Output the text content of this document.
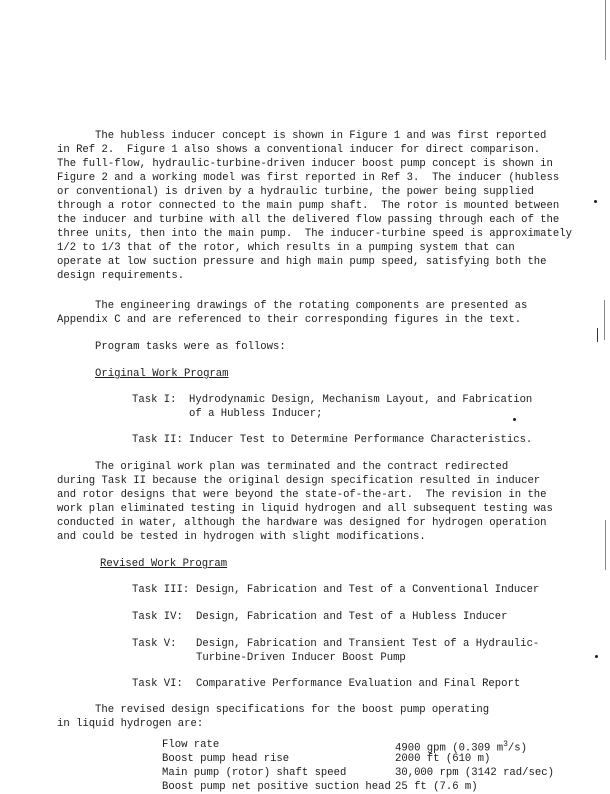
The hubless inducer concept is shown in Figure 1 and was first reported
in Ref 2.  Figure 1 also shows a conventional inducer for direct comparison.
The full-flow, hydraulic-turbine-driven inducer boost pump concept is shown in
Figure 2 and a working model was first reported in Ref 3.  The inducer (hubless
or conventional) is driven by a hydraulic turbine, the power being supplied
through a rotor connected to the main pump shaft.  The rotor is mounted between
the inducer and turbine with all the delivered flow passing through each of the
three units, then into the main pump.  The inducer-turbine speed is approximately
1/2 to 1/3 that of the rotor, which results in a pumping system that can
operate at low suction pressure and high main pump speed, satisfying both the
design requirements.
The engineering drawings of the rotating components are presented as
Appendix C and are referenced to their corresponding figures in the text.
Program tasks were as follows:
Original Work Program
Task I: Hydrodynamic Design, Mechanism Layout, and Fabrication
of a Hubless Inducer;
Task II: Inducer Test to Determine Performance Characteristics.
The original work plan was terminated and the contract redirected
during Task II because the original design specification resulted in inducer
and rotor designs that were beyond the state-of-the-art.  The revision in the
work plan eliminated testing in liquid hydrogen and all subsequent testing was
conducted in water, although the hardware was designed for hydrogen operation
and could be tested in hydrogen with slight modifications.
Revised Work Program
Task III: Design, Fabrication and Test of a Conventional Inducer
Task IV: Design, Fabrication and Test of a Hubless Inducer
Task V: Design, Fabrication and Transient Test of a Hydraulic-
Turbine-Driven Inducer Boost Pump
Task VI: Comparative Performance Evaluation and Final Report
The revised design specifications for the boost pump operating
in liquid hydrogen are:
Flow rate	4900 gpm (0.309 $m^3/s$)
Boost pump head rise	2000 ft (610 m)
Main pump (rotor) shaft speed	30,000 rpm (3142 rad/sec)
Boost pump net positive suction head 25 ft (7.6 m)
